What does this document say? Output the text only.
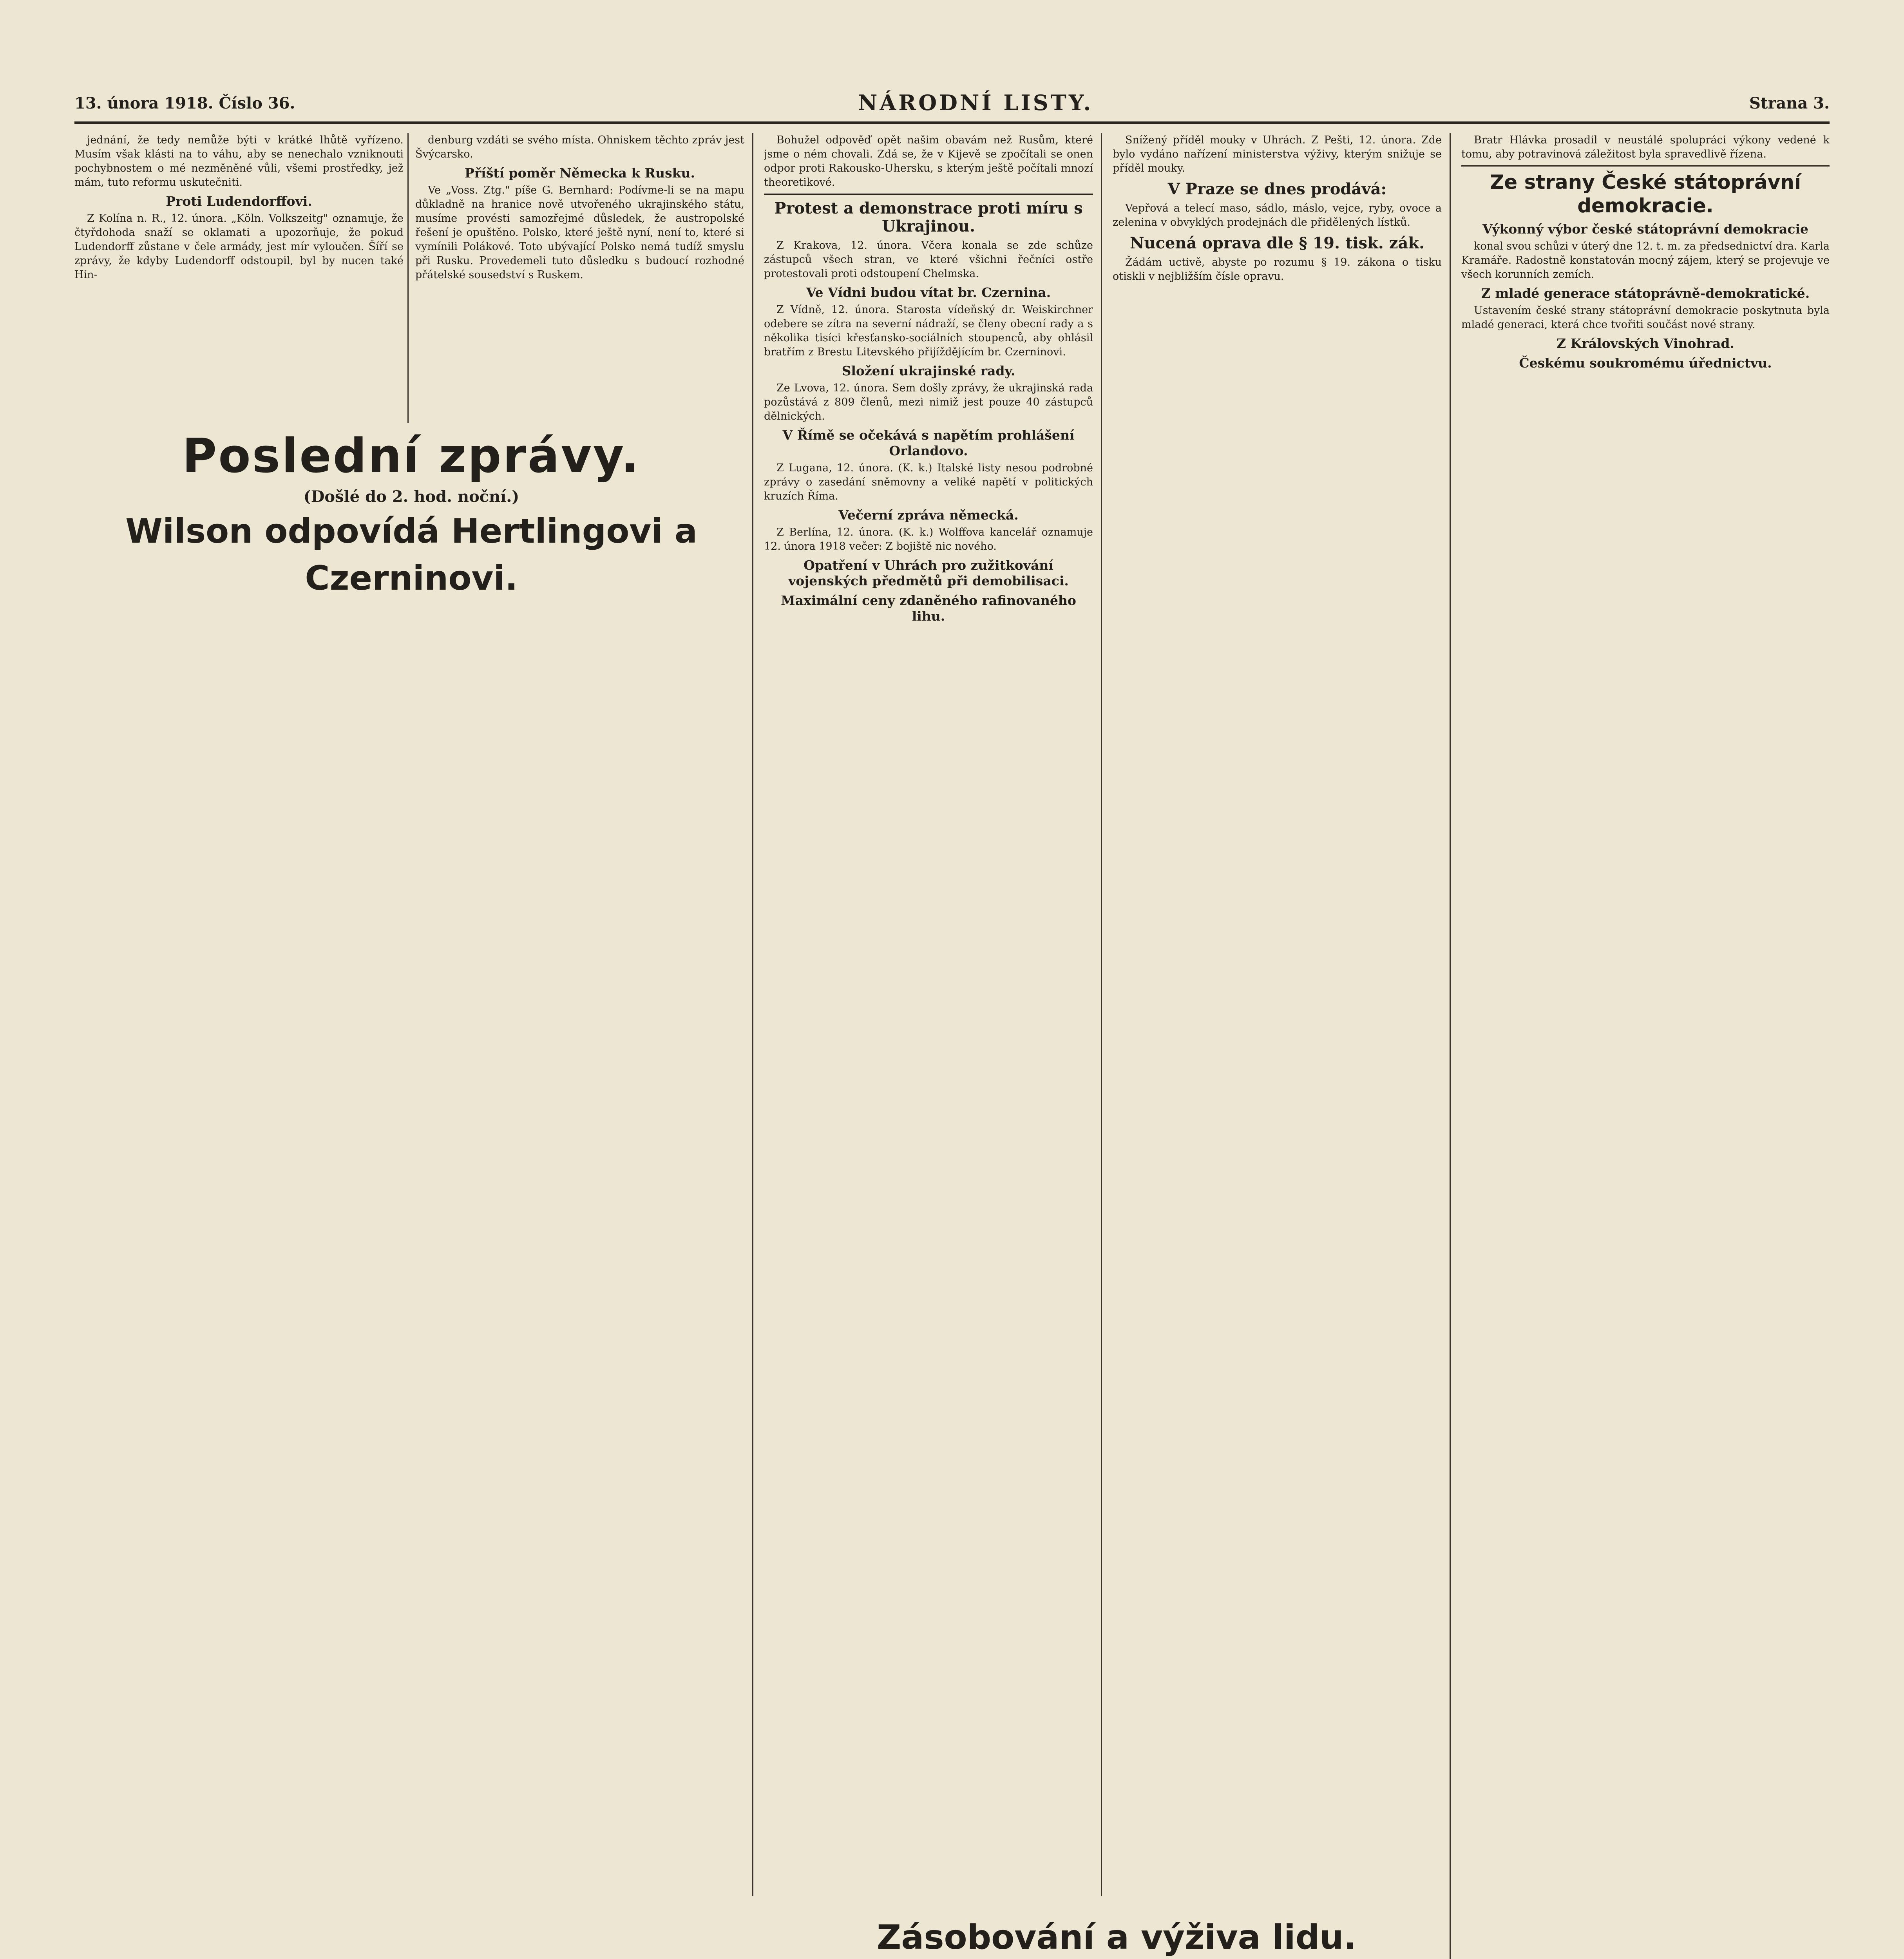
13. února 1918. Číslo 36.	NÁRODNÍ LISTY.	Strana 3.

jednání, že tedy nemůže býti v krátké lhůtě vyřízeno. Musím však klásti na to váhu, aby se nenechalo vzniknouti pochybnostem o mé nezměněné vůli, všemi prostředky, jež mám, tuto reformu uskutečniti.

Proti Ludendorffovi.

Z Kolína n. R., 12. února. „Köln. Volkszeitg" oznamuje, že čtyřdohoda snaží se oklamati a upozorňuje, že pokud Ludendorff zůstane v čele armády, jest mír vyloučen. Šíří se zprávy, že kdyby Ludendorff odstoupil, byl by nucen také Hin-

denburg vzdáti se svého místa. Ohniskem těchto zpráv jest Švýcarsko.

Příští poměr Německa k Rusku.

Ve „Voss. Ztg." píše G. Bernhard: Podívme-li se na mapu důkladně na hranice nově utvořeného ukrajinského státu, musíme provésti samozřejmé důsledek, že austropolské řešení je opuštěno. Polsko, které ještě nyní, není to, které si vymínili Polákové. Toto ubývající Polsko nemá tudíž smyslu při Rusku. Provedemeli tuto důsledku s budoucí rozhodné přátelské sousedství s Ruskem.

Poslední zprávy.
(Došlé do 2. hod. noční.)
Wilson odpovídá Hertlingovi a Czerninovi.

Bohužel odpověď opět našim obavám než Rusům, které jsme o ném chovali. Zdá se, že v Kijevě se zpočítali se onen odpor proti Rakousko-Uhersku, s kterým ještě počítali mnozí theoretikové.

Protest a demonstrace proti míru s Ukrajinou.

Z Krakova, 12. února. Včera konala se zde schůze zástupců všech stran, ve které všichni řečníci ostře protestovali proti odstoupení Chelmska.

Ve Vídni budou vítat br. Czernina.

Z Vídně, 12. února. Starosta vídeňský dr. Weiskirchner odebere se zítra na severní nádraží, se členy obecní rady a s několika tisíci křesťansko-sociálních stoupenců, aby ohlásil bratřím z Brestu Litevského přijíždějícím br. Czerninovi.

Složení ukrajinské rady.

Ze Lvova, 12. února. Sem došly zprávy, že ukrajinská rada pozůstává z 809 členů, mezi nimiž jest pouze 40 zástupců dělnických.

V Římě se očekává s napětím prohlášení Orlandovo.

Z Lugana, 12. února. (K. k.) Italské listy nesou podrobné zprávy o zasedání sněmovny a veliké napětí v politických kruzích Říma.

Večerní zpráva německá.

Z Berlína, 12. února. (K. k.) Wolffova kancelář oznamuje 12. února 1918 večer: Z bojiště nic nového.

Opatření v Uhrách pro zužitkování vojenských předmětů při demobilisaci.
Maximální ceny zdaněného rafinovaného lihu.

Snížený příděl mouky v Uhrách. Z Pešti, 12. února. Zde bylo vydáno nařízení ministerstva výživy, kterým snižuje se příděl mouky.

V Praze se dnes prodává:

Vepřová a telecí maso, sádlo, máslo, vejce, ryby, ovoce a zelenina v obvyklých prodejnách dle přidělených lístků.

Nucená oprava dle § 19. tisk. zák.

Žádám uctivě, abyste po rozumu § 19. zákona o tisku otiskli v nejbližším čísle opravu.

Bratr Hlávka prosadil v neustálé spolupráci výkony vedené k tomu, aby potravinová záležitost byla spravedlivě řízena.

Ze strany České státoprávní demokracie.
Výkonný výbor české státoprávní demokracie

konal svou schůzi v úterý dne 12. t. m. za předsednictví dra. Karla Kramáře. Radostně konstatován mocný zájem, který se projevuje ve všech korunních zemích.

Z mladé generace státoprávně-demokratické.

Ustavením české strany státoprávní demokracie poskytnuta byla mladé generaci, která chce tvořiti součást nové strany.

Z Královských Vinohrad.
Českému soukromému úřednictvu.
Zásobování a výživa lidu.
